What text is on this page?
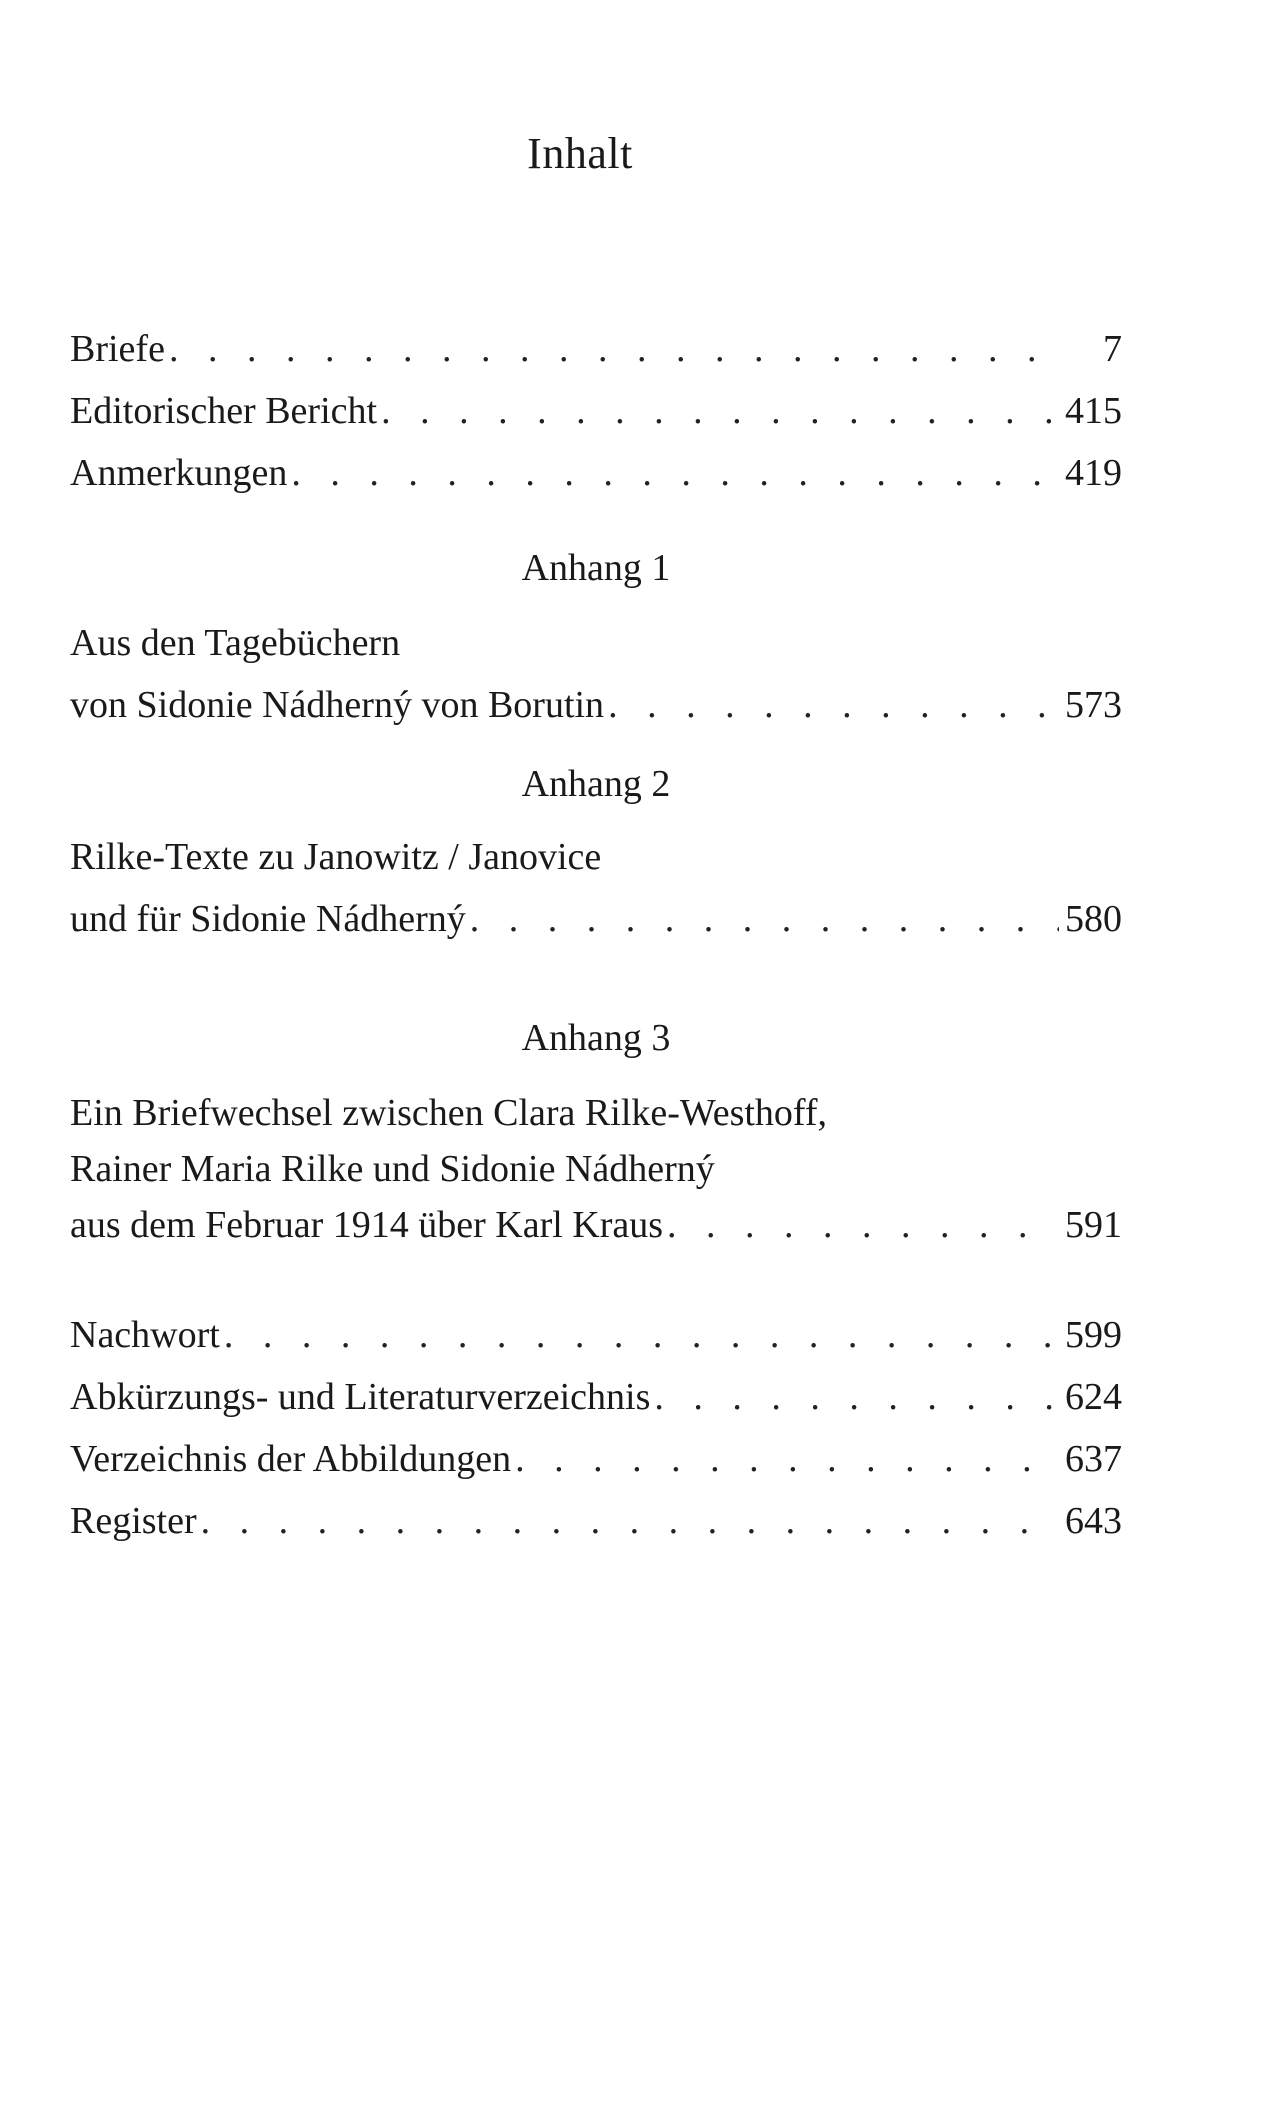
Inhalt
Briefe . . .	7
Editorischer Bericht . . .	415
Anmerkungen . . .	419
Anhang 1
Aus den Tagebüchern
von Sidonie Nádherný von Borutin . . .	573
Anhang 2
Rilke-Texte zu Janowitz / Janovice
und für Sidonie Nádherný . . .	580
Anhang 3
Ein Briefwechsel zwischen Clara Rilke-Westhoff,
Rainer Maria Rilke und Sidonie Nádherný
aus dem Februar 1914 über Karl Kraus . . .	591
Nachwort . . .	599
Abkürzungs- und Literaturverzeichnis . . .	624
Verzeichnis der Abbildungen . . .	637
Register . . .	643
